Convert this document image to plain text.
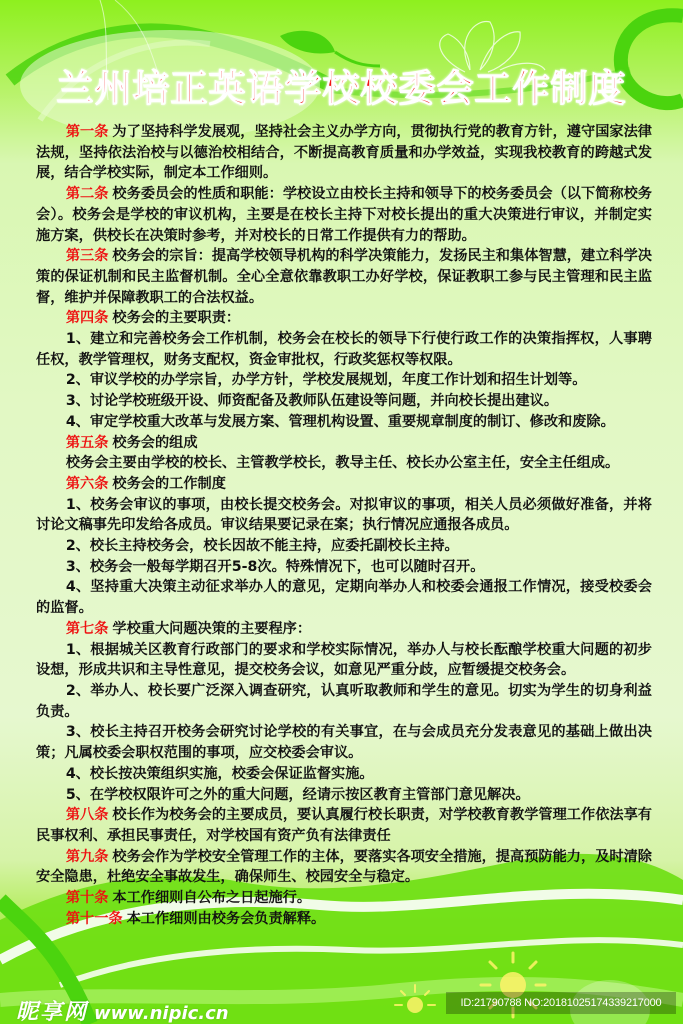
兰州培正英语学校校委会工作制度

第一条 为了坚持科学发展观，坚持社会主义办学方向，贯彻执行党的教育方针，遵守国家法律法规，坚持依法治校与以德治校相结合，不断提高教育质量和办学效益，实现我校教育的跨越式发展，结合学校实际，制定本工作细则。

第二条 校务委员会的性质和职能：学校设立由校长主持和领导下的校务委员会（以下简称校务会）。校务会是学校的审议机构，主要是在校长主持下对校长提出的重大决策进行审议，并制定实施方案，供校长在决策时参考，并对校长的日常工作提供有力的帮助。

第三条 校务会的宗旨：提高学校领导机构的科学决策能力，发扬民主和集体智慧，建立科学决策的保证机制和民主监督机制。全心全意依靠教职工办好学校，保证教职工参与民主管理和民主监督，维护并保障教职工的合法权益。

第四条 校务会的主要职责：

1、建立和完善校务会工作机制，校务会在校长的领导下行使行政工作的决策指挥权，人事聘任权，教学管理权，财务支配权，资金审批权，行政奖惩权等权限。

2、审议学校的办学宗旨，办学方针，学校发展规划，年度工作计划和招生计划等。

3、讨论学校班级开设、师资配备及教师队伍建设等问题，并向校长提出建议。

4、审定学校重大改革与发展方案、管理机构设置、重要规章制度的制订、修改和废除。

第五条 校务会的组成

校务会主要由学校的校长、主管教学校长，教导主任、校长办公室主任，安全主任组成。

第六条 校务会的工作制度

1、校务会审议的事项，由校长提交校务会。对拟审议的事项，相关人员必须做好准备，并将讨论文稿事先印发给各成员。审议结果要记录在案；执行情况应通报各成员。

2、校长主持校务会，校长因故不能主持，应委托副校长主持。

3、校务会一般每学期召开5-8次。特殊情况下，也可以随时召开。

4、坚持重大决策主动征求举办人的意见，定期向举办人和校委会通报工作情况，接受校委会的监督。

第七条 学校重大问题决策的主要程序：

1、根据城关区教育行政部门的要求和学校实际情况，举办人与校长酝酿学校重大问题的初步设想，形成共识和主导性意见，提交校务会议，如意见严重分歧，应暂缓提交校务会。

2、举办人、校长要广泛深入调查研究，认真听取教师和学生的意见。切实为学生的切身利益负责。

3、校长主持召开校务会研究讨论学校的有关事宜，在与会成员充分发表意见的基础上做出决策；凡属校委会职权范围的事项，应交校委会审议。

4、校长按决策组织实施，校委会保证监督实施。

5、在学校权限许可之外的重大问题，经请示按区教育主管部门意见解决。

第八条 校长作为校务会的主要成员，要认真履行校长职责，对学校教育教学管理工作依法享有民事权利、承担民事责任，对学校国有资产负有法律责任

第九条 校务会作为学校安全管理工作的主体，要落实各项安全措施，提高预防能力，及时清除安全隐患，杜绝安全事故发生，确保师生、校园安全与稳定。

第十条 本工作细则自公布之日起施行。

第十一条 本工作细则由校务会负责解释。

昵享网 www.nipic.cn	ID:21790788 NO:20181025174339217000
